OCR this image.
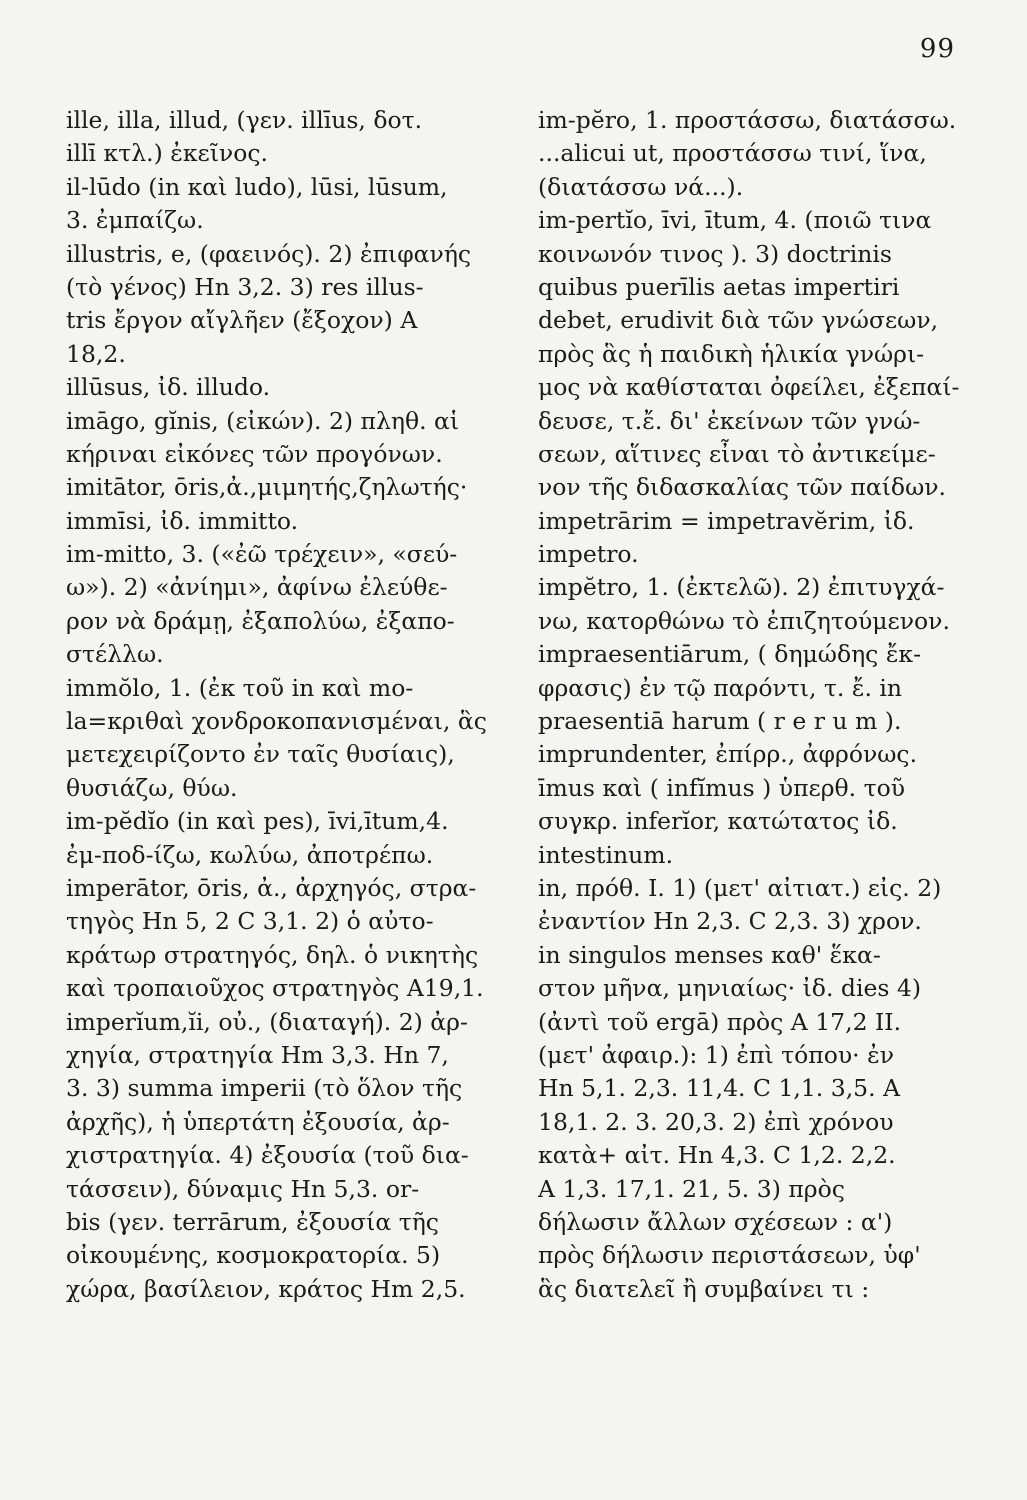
99
ille, illa, illud, (γεν. illīus, δοτ.
illī κτλ.) ἐκεῖνος.
il-lūdo (in καὶ ludo), lūsi, lūsum,
3. ἐμπαίζω.
illustris, e, (φαεινός). 2) ἐπιφανής
(τὸ γένος) Hn 3,2. 3) res illus-
tris ἔργον αἴγλῆεν (ἔξοχον) A
18,2.
illūsus, ἰδ. illudo.
imāgo, gĭnis, (εἰκών). 2) πληθ. αἱ
κήριναι εἰκόνες τῶν προγόνων.
imitātor, ōris,ἀ.,μιμητής,ζηλωτής·
immīsi, ἰδ. immitto.
im-mitto, 3. («ἐῶ τρέχειν», «σεύ-
ω»). 2) «ἀνίημι», ἀφίνω ἐλεύθε-
ρον νὰ δράμῃ, ἐξαπολύω, ἐξαπο-
στέλλω.
immŏlo, 1. (ἐκ τοῦ in καὶ mo-
la=κριθαὶ χονδροκοπανισμέναι, ἃς
μετεχειρίζοντο ἐν ταῖς θυσίαις),
θυσιάζω, θύω.
im-pĕdĭo (in καὶ pes), īvi,ītum,4.
ἐμ-ποδ-ίζω, κωλύω, ἀποτρέπω.
imperātor, ōris, ἀ., ἀρχηγός, στρα-
τηγὸς Hn 5, 2 C 3,1. 2) ὁ αὐτο-
κράτωρ στρατηγός, δηλ. ὁ νικητὴς
καὶ τροπαιοῦχος στρατηγὸς A19,1.
imperĭum,ĭi, οὐ., (διαταγή). 2) ἀρ-
χηγία, στρατηγία Hm 3,3. Hn 7,
3. 3) summa imperii (τὸ ὅλον τῆς
ἀρχῆς), ἡ ὑπερτάτη ἐξουσία, ἀρ-
χιστρατηγία. 4) ἐξουσία (τοῦ δια-
τάσσειν), δύναμις Hn 5,3. or-
bis (γεν. terrārum, ἐξουσία τῆς
οἰκουμένης, κοσμοκρατορία. 5)
χώρα, βασίλειον, κράτος Hm 2,5.
im-pĕro, 1. προστάσσω, διατάσσω.
...alicui ut, προστάσσω τινί, ἵνα,
(διατάσσω νά...).
im-pertĭo, īvi, ītum, 4. (ποιῶ τινα
κοινωνόν τινος ). 3) doctrinis
quibus puerīlis aetas impertiri
debet, erudivit διὰ τῶν γνώσεων,
πρὸς ἃς ἡ παιδικὴ ἡλικία γνώρι-
μος νὰ καθίσταται ὀφείλει, ἐξεπαί-
δευσε, τ.ἔ. δι' ἐκείνων τῶν γνώ-
σεων, αἵτινες εἶναι τὸ ἀντικείμε-
νον τῆς διδασκαλίας τῶν παίδων.
impetrārim = impetravĕrim, ἰδ.
impetro.
impĕtro, 1. (ἐκτελῶ). 2) ἐπιτυγχά-
νω, κατορθώνω τὸ ἐπιζητούμενον.
impraesentiārum, ( δημώδης ἔκ-
φρασις) ἐν τῷ παρόντι, τ. ἔ. in
praesentiā harum ( r e r u m ).
imprundenter, ἐπίρρ., ἀφρόνως.
īmus καὶ ( infĭmus ) ὑπερθ. τοῦ
συγκρ. inferĭor, κατώτατος ἰδ.
intestinum.
in, πρόθ. I. 1) (μετ' αἰτιατ.) εἰς. 2)
ἐναντίον Hn 2,3. C 2,3. 3) χρον.
in singulos menses καθ' ἕκα-
στον μῆνα, μηνιαίως· ἰδ. dies 4)
(ἀντὶ τοῦ ergā) πρὸς A 17,2 II.
(μετ' ἀφαιρ.): 1) ἐπὶ τόπου· ἐν
Hn 5,1. 2,3. 11,4. C 1,1. 3,5. A
18,1. 2. 3. 20,3. 2) ἐπὶ χρόνου
κατὰ+ αἰτ. Hn 4,3. C 1,2. 2,2.
A 1,3. 17,1. 21, 5. 3) πρὸς
δήλωσιν ἄλλων σχέσεων : α')
πρὸς δήλωσιν περιστάσεων, ὑφ'
ἃς διατελεῖ ἢ συμβαίνει τι :
